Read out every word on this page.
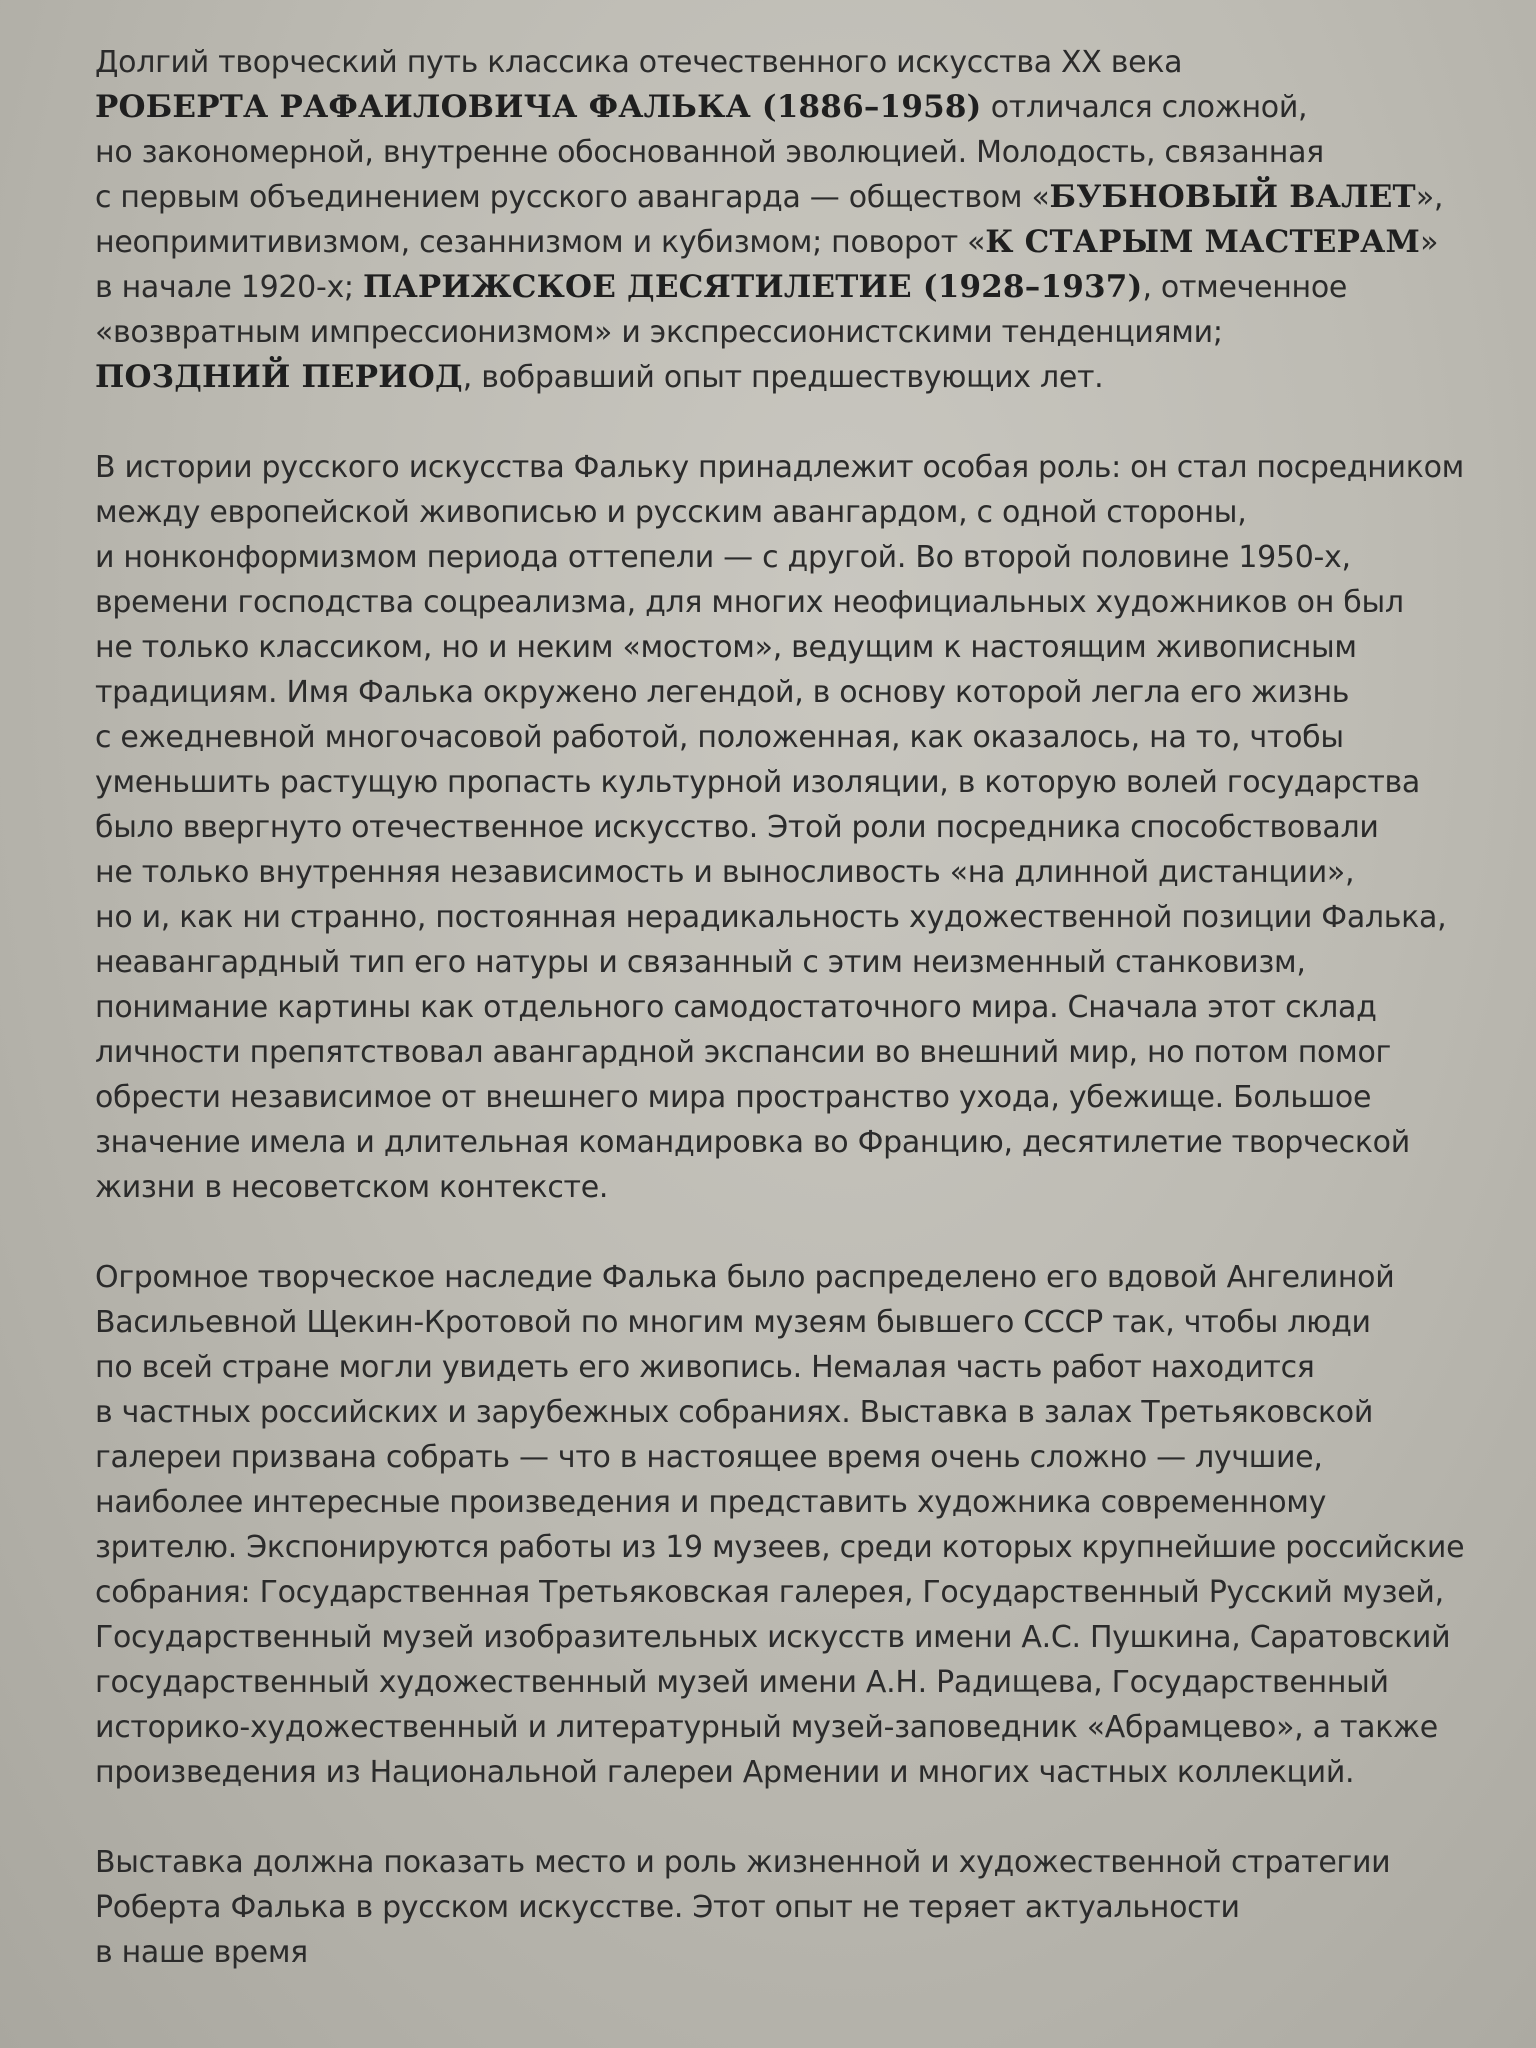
Долгий творческий путь классика отечественного искусства XX века
РОБЕРТА РАФАИЛОВИЧА ФАЛЬКА (1886–1958) отличался сложной,
но закономерной, внутренне обоснованной эволюцией. Молодость, связанная
с первым объединением русского авангарда — обществом «БУБНОВЫЙ ВАЛЕТ»,
неопримитивизмом, сезаннизмом и кубизмом; поворот «К СТАРЫМ МАСТЕРАМ»
в начале 1920-х; ПАРИЖСКОЕ ДЕСЯТИЛЕТИЕ (1928–1937), отмеченное
«возвратным импрессионизмом» и экспрессионистскими тенденциями;
ПОЗДНИЙ ПЕРИОД, вобравший опыт предшествующих лет.
В истории русского искусства Фальку принадлежит особая роль: он стал посредником
между европейской живописью и русским авангардом, с одной стороны,
и нонконформизмом периода оттепели — с другой. Во второй половине 1950-х,
времени господства соцреализма, для многих неофициальных художников он был
не только классиком, но и неким «мостом», ведущим к настоящим живописным
традициям. Имя Фалька окружено легендой, в основу которой легла его жизнь
с ежедневной многочасовой работой, положенная, как оказалось, на то, чтобы
уменьшить растущую пропасть культурной изоляции, в которую волей государства
было ввергнуто отечественное искусство. Этой роли посредника способствовали
не только внутренняя независимость и выносливость «на длинной дистанции»,
но и, как ни странно, постоянная нерадикальность художественной позиции Фалька,
неавангардный тип его натуры и связанный с этим неизменный станковизм,
понимание картины как отдельного самодостаточного мира. Сначала этот склад
личности препятствовал авангардной экспансии во внешний мир, но потом помог
обрести независимое от внешнего мира пространство ухода, убежище. Большое
значение имела и длительная командировка во Францию, десятилетие творческой
жизни в несоветском контексте.
Огромное творческое наследие Фалька было распределено его вдовой Ангелиной
Васильевной Щекин-Кротовой по многим музеям бывшего СССР так, чтобы люди
по всей стране могли увидеть его живопись. Немалая часть работ находится
в частных российских и зарубежных собраниях. Выставка в залах Третьяковской
галереи призвана собрать — что в настоящее время очень сложно — лучшие,
наиболее интересные произведения и представить художника современному
зрителю. Экспонируются работы из 19 музеев, среди которых крупнейшие российские
собрания: Государственная Третьяковская галерея, Государственный Русский музей,
Государственный музей изобразительных искусств имени А.С. Пушкина, Саратовский
государственный художественный музей имени А.Н. Радищева, Государственный
историко-художественный и литературный музей-заповедник «Абрамцево», а также
произведения из Национальной галереи Армении и многих частных коллекций.
Выставка должна показать место и роль жизненной и художественной стратегии
Роберта Фалька в русском искусстве. Этот опыт не теряет актуальности
в наше время
